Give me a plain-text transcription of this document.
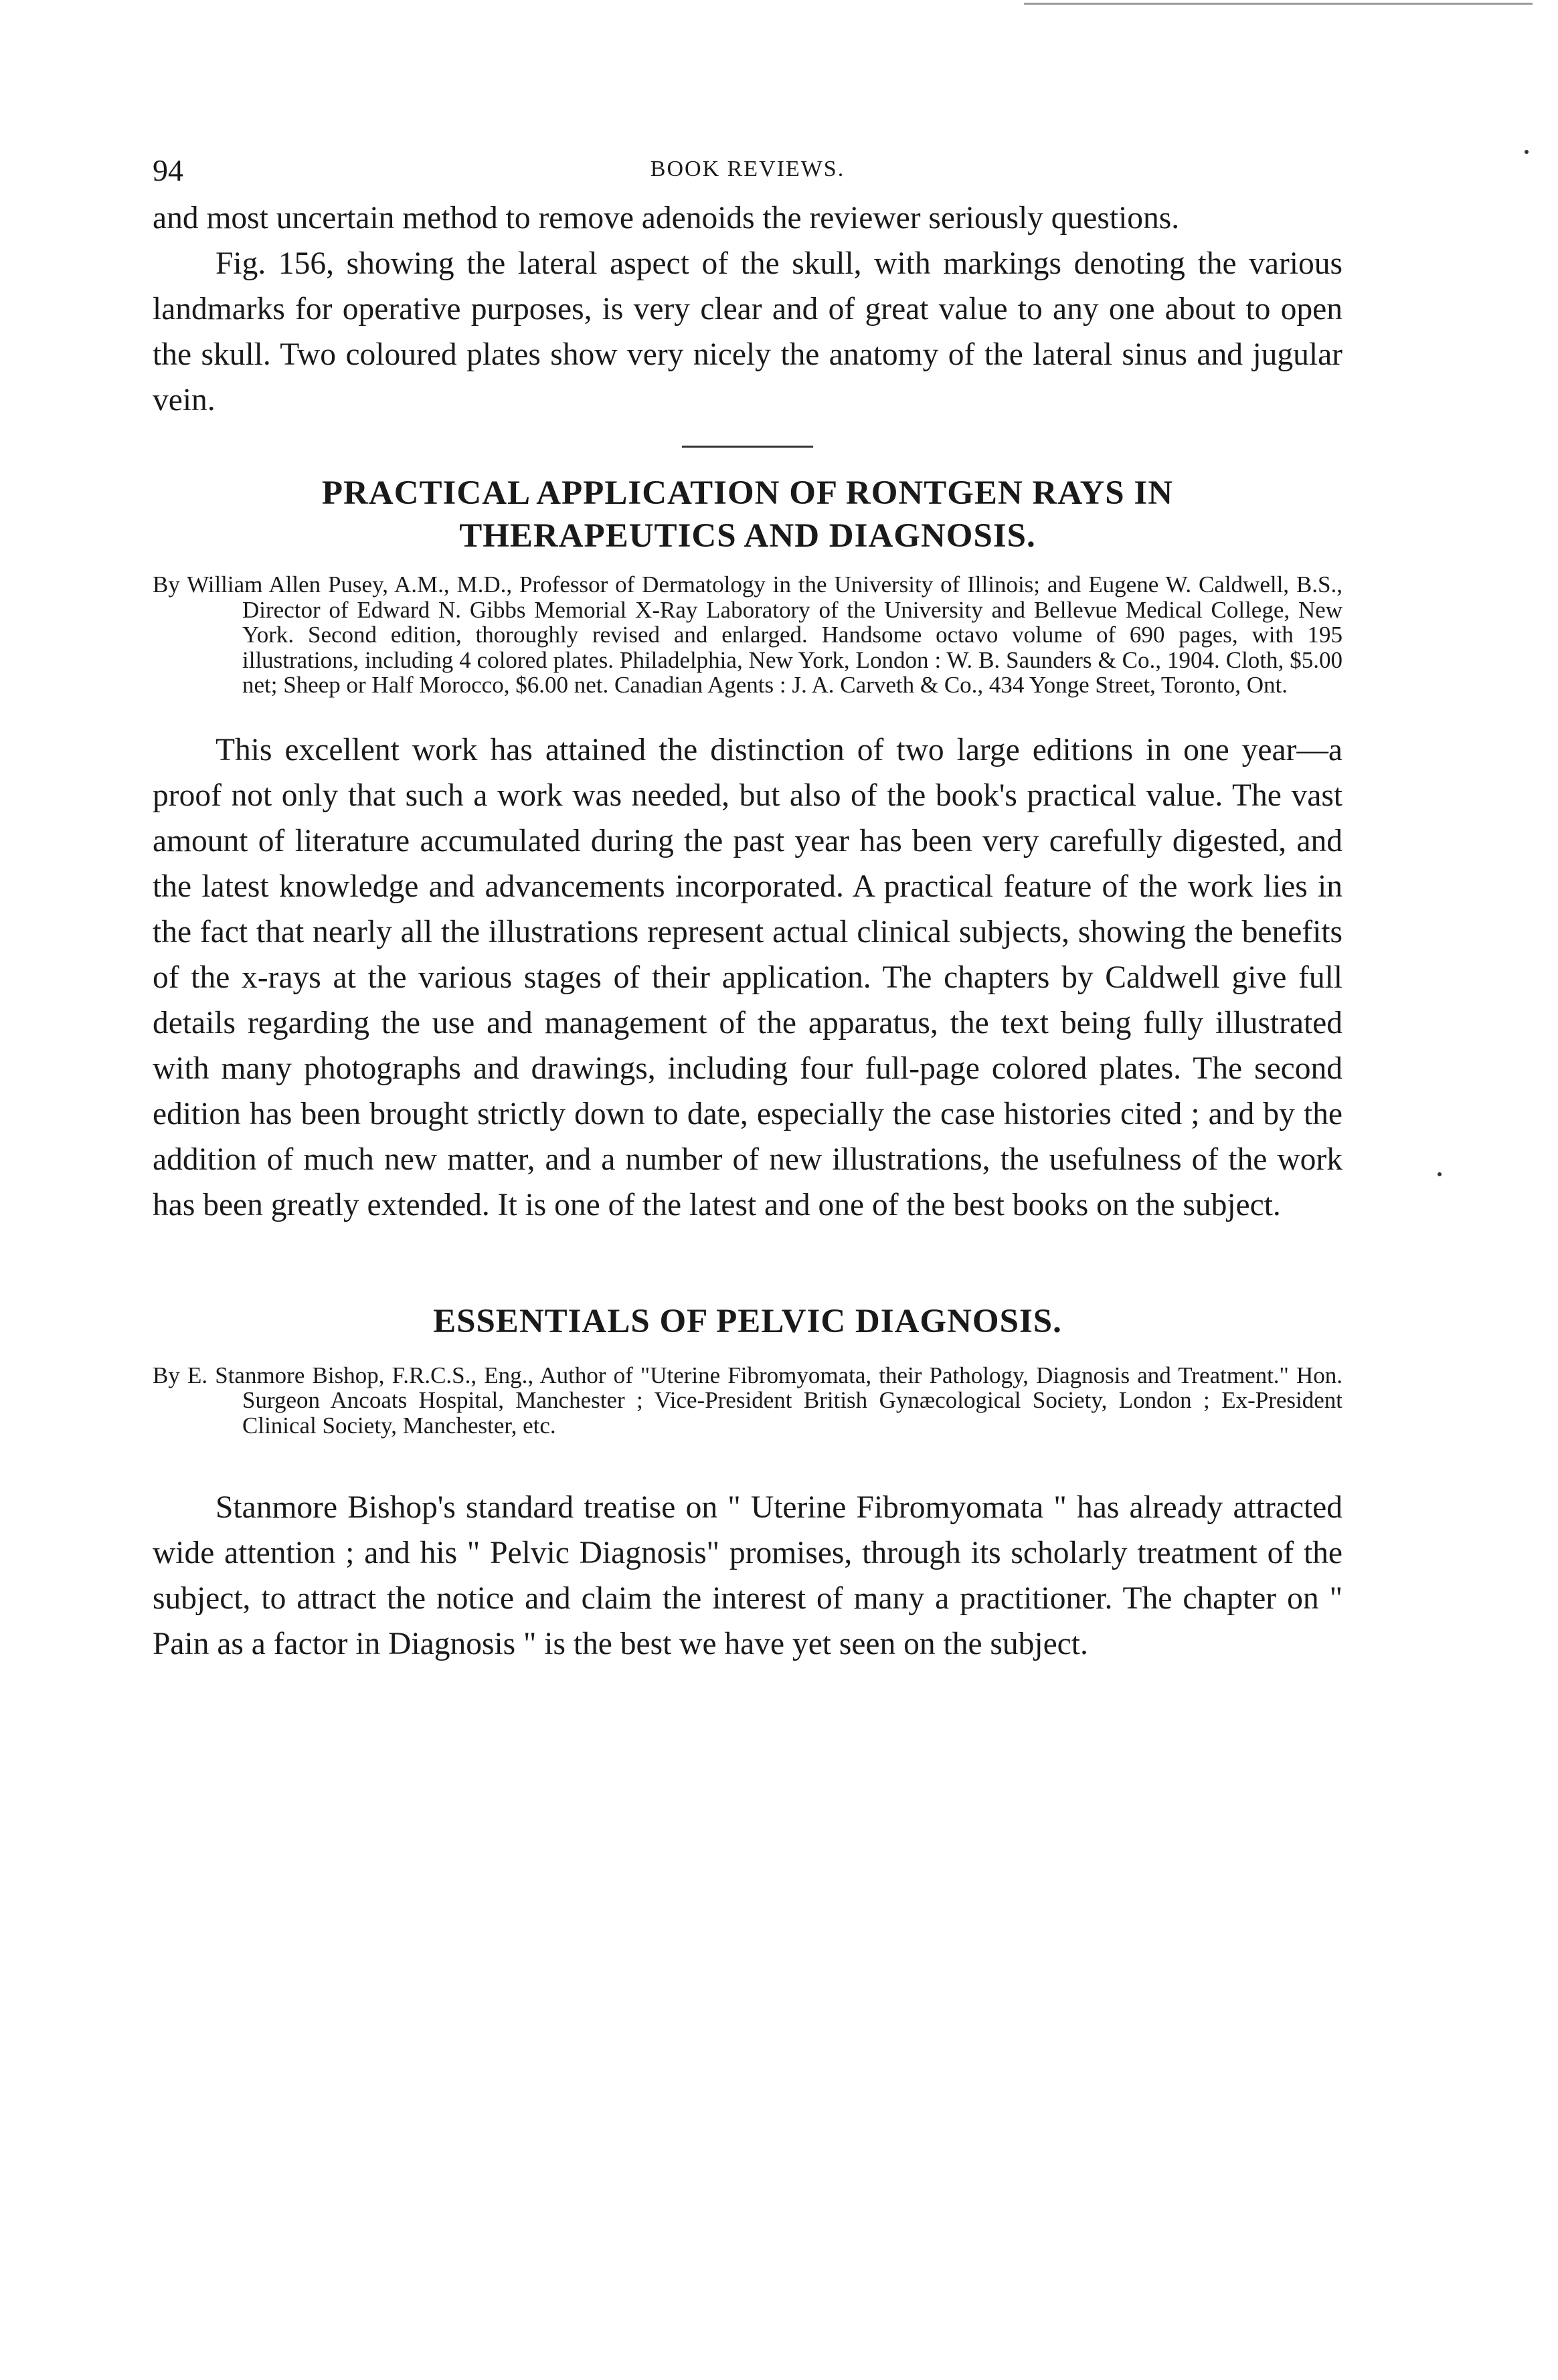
94	BOOK REVIEWS.

and most uncertain method to remove adenoids the reviewer seriously questions.

Fig. 156, showing the lateral aspect of the skull, with markings denoting the various landmarks for operative purposes, is very clear and of great value to any one about to open the skull. Two coloured plates show very nicely the anatomy of the lateral sinus and jugular vein.

PRACTICAL APPLICATION OF RONTGEN RAYS IN
THERAPEUTICS AND DIAGNOSIS.

By William Allen Pusey, A.M., M.D., Professor of Dermatology in the University of Illinois; and Eugene W. Caldwell, B.S., Director of Edward N. Gibbs Memorial X-Ray Laboratory of the University and Bellevue Medical College, New York. Second edition, thoroughly revised and enlarged. Handsome octavo volume of 690 pages, with 195 illustrations, including 4 colored plates. Philadelphia, New York, London : W. B. Saunders & Co., 1904. Cloth, $5.00 net; Sheep or Half Morocco, $6.00 net. Canadian Agents : J. A. Carveth & Co., 434 Yonge Street, Toronto, Ont.

This excellent work has attained the distinction of two large editions in one year—a proof not only that such a work was needed, but also of the book's practical value. The vast amount of literature accumulated during the past year has been very carefully digested, and the latest knowledge and advancements incorporated. A practical feature of the work lies in the fact that nearly all the illustrations represent actual clinical subjects, showing the benefits of the x-rays at the various stages of their application. The chapters by Caldwell give full details regarding the use and management of the apparatus, the text being fully illustrated with many photographs and drawings, including four full-page colored plates. The second edition has been brought strictly down to date, especially the case histories cited ; and by the addition of much new matter, and a number of new illustrations, the usefulness of the work has been greatly extended. It is one of the latest and one of the best books on the subject.

ESSENTIALS OF PELVIC DIAGNOSIS.

By E. Stanmore Bishop, F.R.C.S., Eng., Author of "Uterine Fibromyomata, their Pathology, Diagnosis and Treatment." Hon. Surgeon Ancoats Hospital, Manchester ; Vice-President British Gynæcological Society, London ; Ex-President Clinical Society, Manchester, etc.

Stanmore Bishop's standard treatise on " Uterine Fibromyomata " has already attracted wide attention ; and his " Pelvic Diagnosis" promises, through its scholarly treatment of the subject, to attract the notice and claim the interest of many a practitioner. The chapter on " Pain as a factor in Diagnosis " is the best we have yet seen on the subject.
